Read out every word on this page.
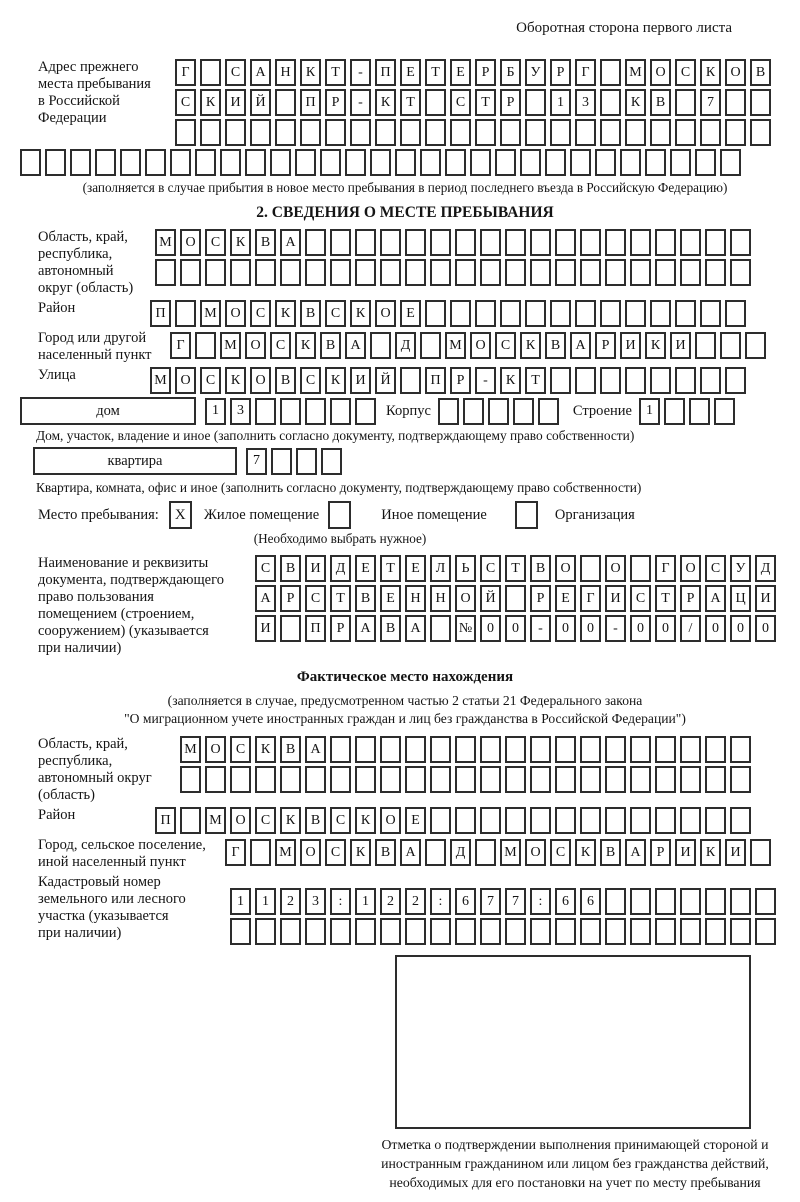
Оборотная сторона первого листа
Адрес прежнего
места пребывания
в Российской
Федерации
Г	С	А	Н	К	Т	-	П	Е	Т	Е	Р	Б	У	Р	Г	М О	С	К	О	В
С	К	И	Й	П	Р	-	К	Т	С	Т	Р	1	3	К	В	7
(заполняется в случае прибытия в новое место пребывания в период последнего въезда в Российскую Федерацию)
2. СВЕДЕНИЯ О МЕСТЕ ПРЕБЫВАНИЯ
Область, край,
республика,
автономный
округ (область)
М О	С	К	В	А
Район	П	М О	С	К	В	С	К	О	Е
Город или другой
населенный пункт
Г	М О	С	К	В	А	Д	М О	С	К	В	А	Р	И	К	И
Улица	М О	С	К	О	В	С	К	И	Й	П	Р	-	К	Т
дом	1	3	Корпус	Строение	1
Дом, участок, владение и иное (заполнить согласно документу, подтверждающему право собственности)
квартира	7
Квартира, комната, офис и иное (заполнить согласно документу, подтверждающему право собственности)
Место пребывания:	Х	Жилое помещение	Иное помещение	Организация
(Необходимо выбрать нужное)
Наименование и реквизиты
документа, подтверждающего
право пользования
помещением (строением,
сооружением) (указывается
при наличии)
С	В	И	Д	Е	Т	Е	Л	Ь	С	Т	В	О	О	Г	О	С	У	Д
А	Р	С	Т	В	Е	Н	Н	О	Й	Р	Е	Г	И	С	Т	Р	А	Ц	И
И	П	Р	А	В	А	№	0	0	-	0	0	-	0	0	/	0	0	0
Фактическое место нахождения
(заполняется в случае, предусмотренном частью 2 статьи 21 Федерального закона
"О миграционном учете иностранных граждан и лиц без гражданства в Российской Федерации")
Область, край,
республика,
автономный округ
(область)
М О	С	К	В	А
Район	П	М О	С	К	В	С	К	О	Е
Город, сельское поселение,
иной населенный пункт
Г	М О	С	К	В	А	Д	М О	С	К	В	А	Р	И	К	И
Кадастровый номер
земельного или лесного
участка (указывается
при наличии)
1	1	2	3	:	1	2	2	:	6	7	7	:	6	6
Отметка о подтверждении выполнения принимающей стороной и иностранным гражданином или лицом без гражданства действий, необходимых для его постановки на учет по месту пребывания
